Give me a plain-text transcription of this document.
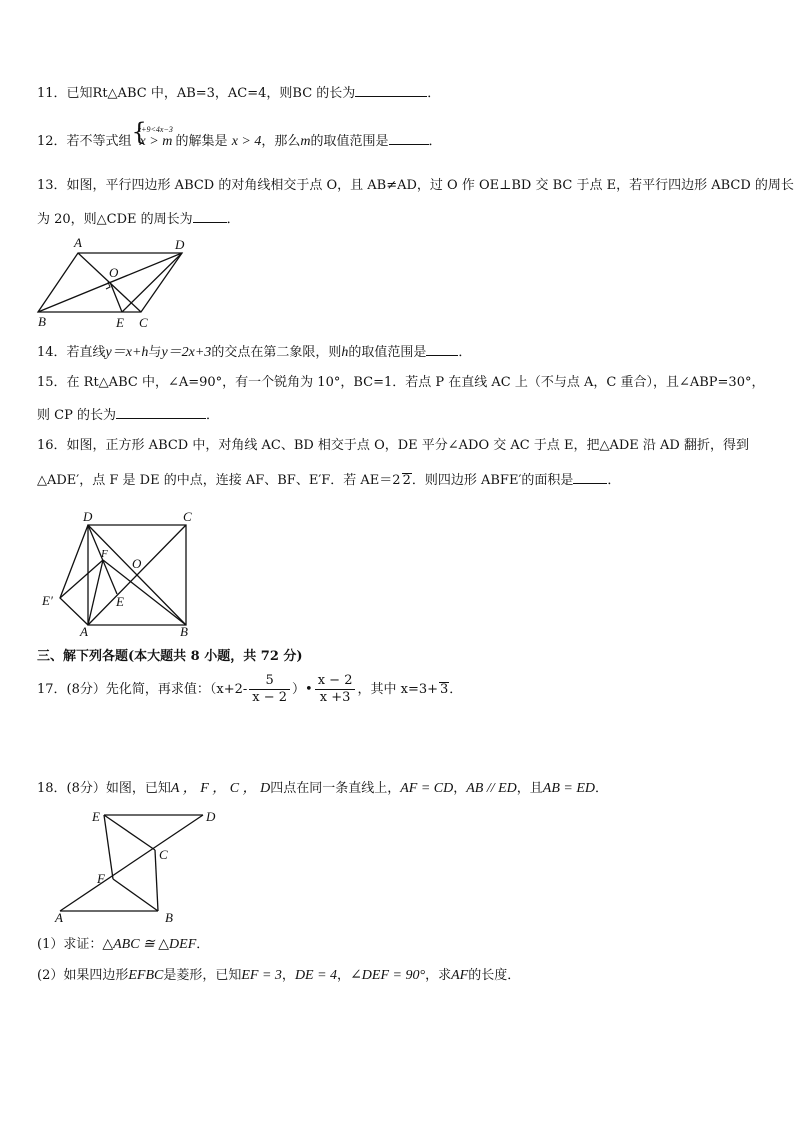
11．已知Rt△ABC 中，AB=3，AC=4，则BC 的长为	．
12．若不等式组 {
x+9<4x−3
x > m 的解集是 x > 4，那么m的取值范围是	．
13．如图，平行四边形 ABCD 的对角线相交于点 O，且 AB≠AD，过 O 作 OE⊥BD 交 BC 于点 E，若平行四边形 ABCD 的周长
为 20，则△CDE 的周长为	．
A	D
O
B	E C
14．若直线y＝x+h与y＝2x+3的交点在第二象限，则h的取值范围是 ．
15．在 Rt△ABC 中，∠A=90°，有一个锐角为 10°，BC=1．若点 P 在直线 AC 上（不与点 A，C 重合），且∠ABP=30°，
则 CP 的长为	．
16．如图，正方形 ABCD 中，对角线 AC、BD 相交于点 O，DE 平分∠ADO 交 AC 于点 E，把△ADE 沿 AD 翻折，得到
△ADE′，点 F 是 DE 的中点，连接 AF、BF、E′F．若 AE＝2 2．则四边形 ABFE′的面积是	．
D	C
F
O
E′	E
A	B
三、解下列各题(本大题共 8 小题，共 72 分)
17．(8分）先化简，再求值：（$x+2- \frac{5}{x - 2}$ ）• $\frac{x - 2}{x +3}$ ，其中 x=3+ 3．
18．(8分）如图，已知A ， F ， C ， D四点在同一条直线上，AF = CD，AB // ED，且AB = ED．
E	D
C
F
A	B
(1）求证：△ABC ≅ △DEF．
(2）如果四边形EFBC是菱形，已知EF = 3，DE = 4，∠DEF = 90°，求AF的长度．
